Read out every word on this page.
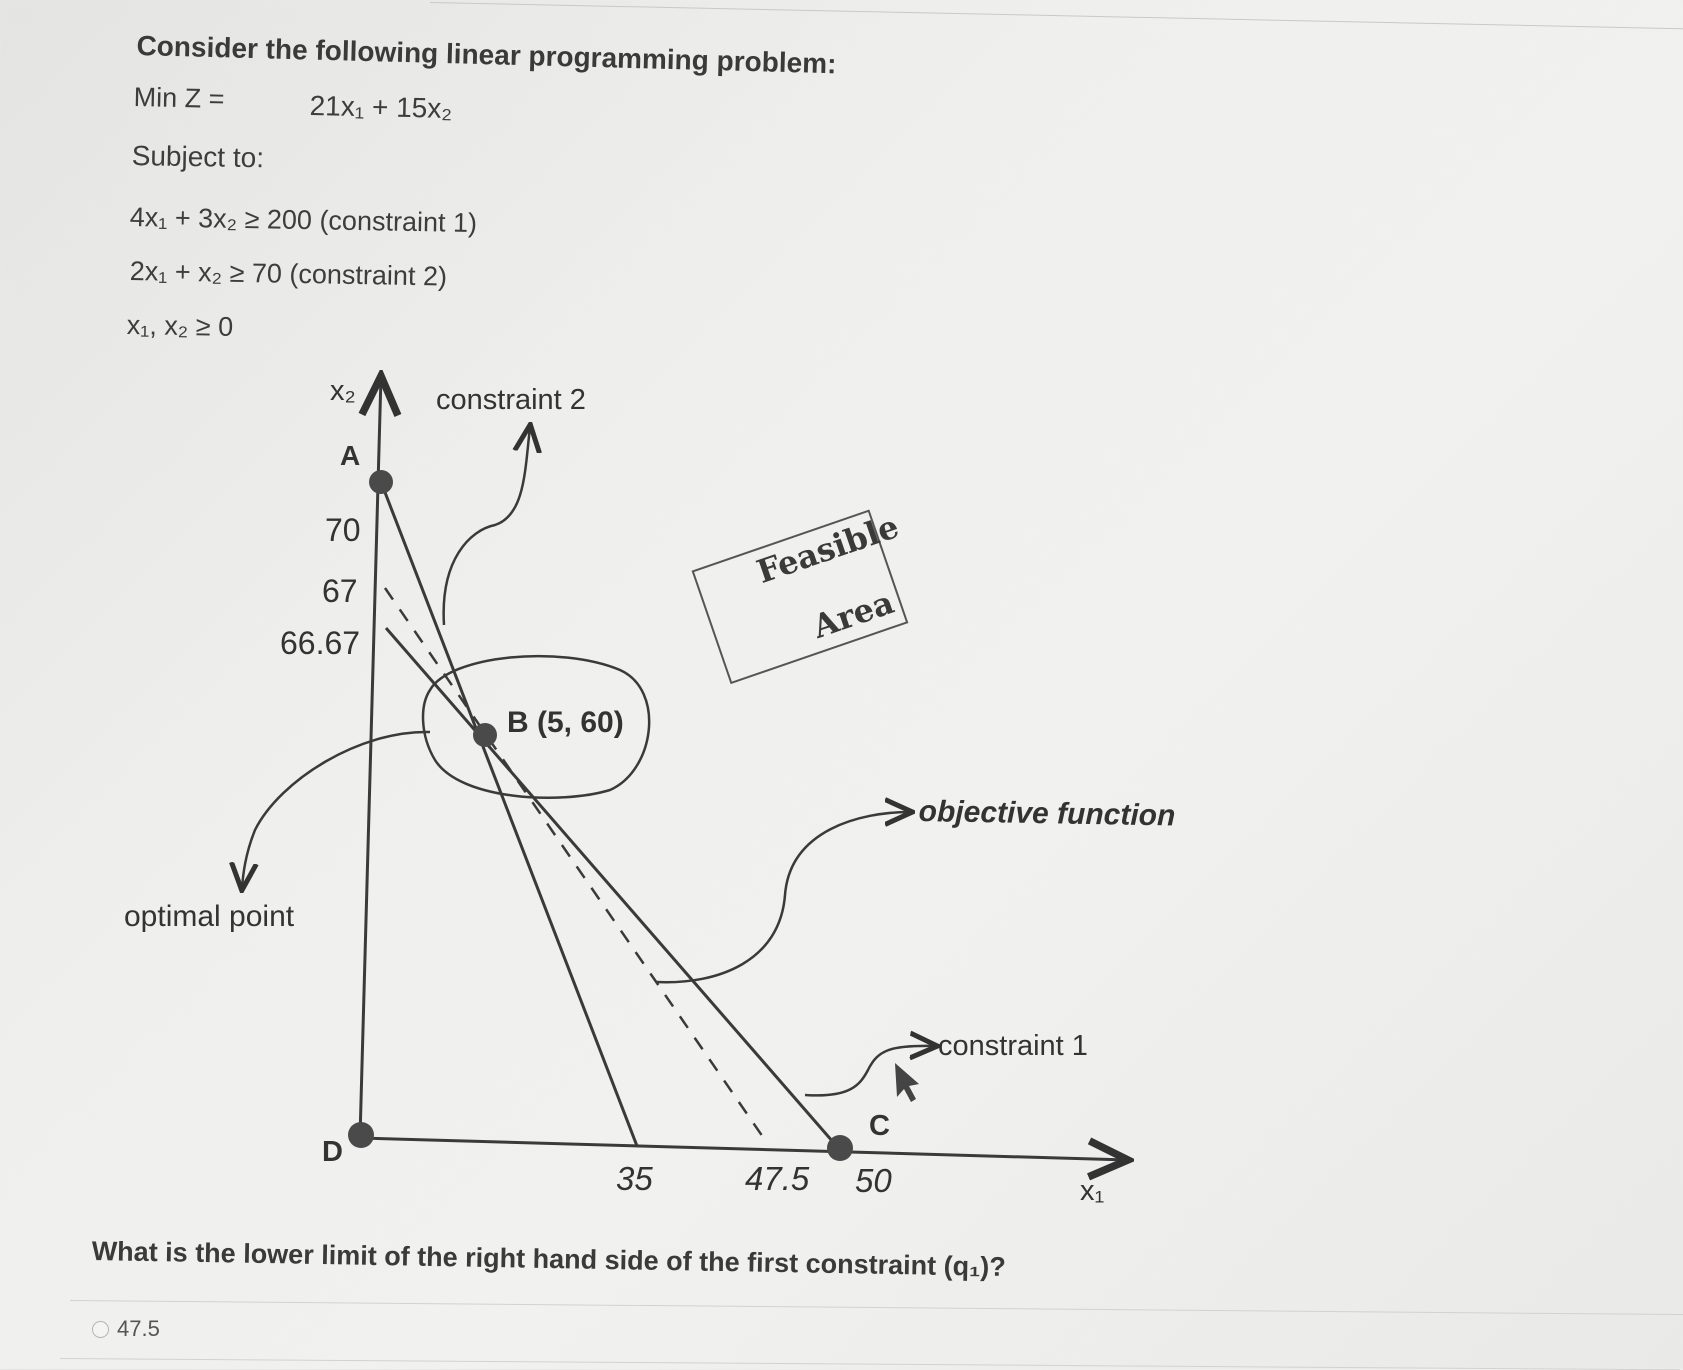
Consider the following linear programming problem:
Min Z =	21x₁ + 15x₂
Subject to:
4x₁ + 3x₂ ≥ 200 (constraint 1)
2x₁ + x₂ ≥ 70 (constraint 2)
x₁, x₂ ≥ 0
x₂
x₁
A
70
67
66.67
B (5, 60)
constraint 2
optimal point
objective function
constraint 1
C
D
35	47.5 50
Feasible
Area
What is the lower limit of the right hand side of the first constraint (q₁)?
47.5
